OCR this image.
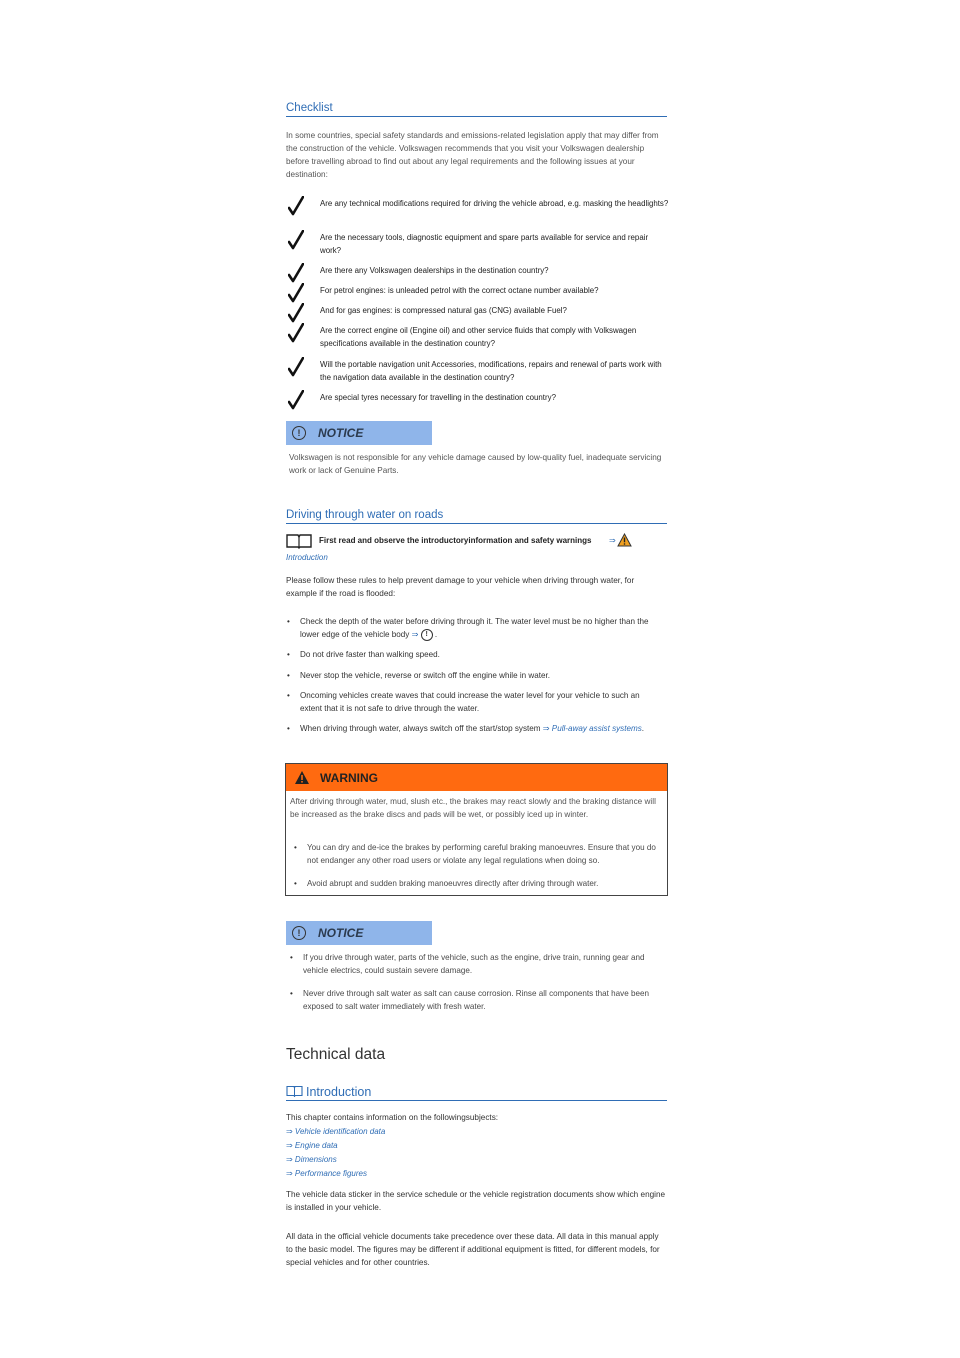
Checklist
In some countries, special safety standards and emissions-related legislation apply that may differ from the construction of the vehicle. Volkswagen recommends that you visit your Volkswagen dealership before travelling abroad to find out about any legal requirements and the following issues at your destination:
Are any technical modifications required for driving the vehicle abroad, e.g. masking the headlights?
Are the necessary tools, diagnostic equipment and spare parts available for service and repair work?
Are there any Volkswagen dealerships in the destination country?
For petrol engines: is unleaded petrol with the correct octane number available?
And for gas engines: is compressed natural gas (CNG) available Fuel?
Are the correct engine oil (Engine oil) and other service fluids that comply with Volkswagen specifications available in the destination country?
Will the portable navigation unit Accessories, modifications, repairs and renewal of parts work with the navigation data available in the destination country?
Are special tyres necessary for travelling in the destination country?
!	NOTICE
Volkswagen is not responsible for any vehicle damage caused by low-quality fuel, inadequate servicing work or lack of Genuine Parts.
Driving through water on roads
First read and observe the introductoryinformation and safety warnings ⇒
Introduction
Please follow these rules to help prevent damage to your vehicle when driving through water, for example if the road is flooded:
• Check the depth of the water before driving through it. The water level must be no higher than the lower edge of the vehicle body ⇒ ! .
• Do not drive faster than walking speed.
• Never stop the vehicle, reverse or switch off the engine while in water.
• Oncoming vehicles create waves that could increase the water level for your vehicle to such an extent that it is not safe to drive through the water.
• When driving through water, always switch off the start/stop system ⇒ Pull-away assist systems.
WARNING
After driving through water, mud, slush etc., the brakes may react slowly and the braking distance will be increased as the brake discs and pads will be wet, or possibly iced up in winter.
• You can dry and de-ice the brakes by performing careful braking manoeuvres. Ensure that you do not endanger any other road users or violate any legal regulations when doing so.
• Avoid abrupt and sudden braking manoeuvres directly after driving through water.
!	NOTICE
• If you drive through water, parts of the vehicle, such as the engine, drive train, running gear and vehicle electrics, could sustain severe damage.
• Never drive through salt water as salt can cause corrosion. Rinse all components that have been exposed to salt water immediately with fresh water.
Technical data
Introduction
This chapter contains information on the followingsubjects:
⇒ Vehicle identification data
⇒ Engine data
⇒ Dimensions
⇒ Performance figures
The vehicle data sticker in the service schedule or the vehicle registration documents show which engine is installed in your vehicle.
All data in the official vehicle documents take precedence over these data. All data in this manual apply to the basic model. The figures may be different if additional equipment is fitted, for different models, for special vehicles and for other countries.
